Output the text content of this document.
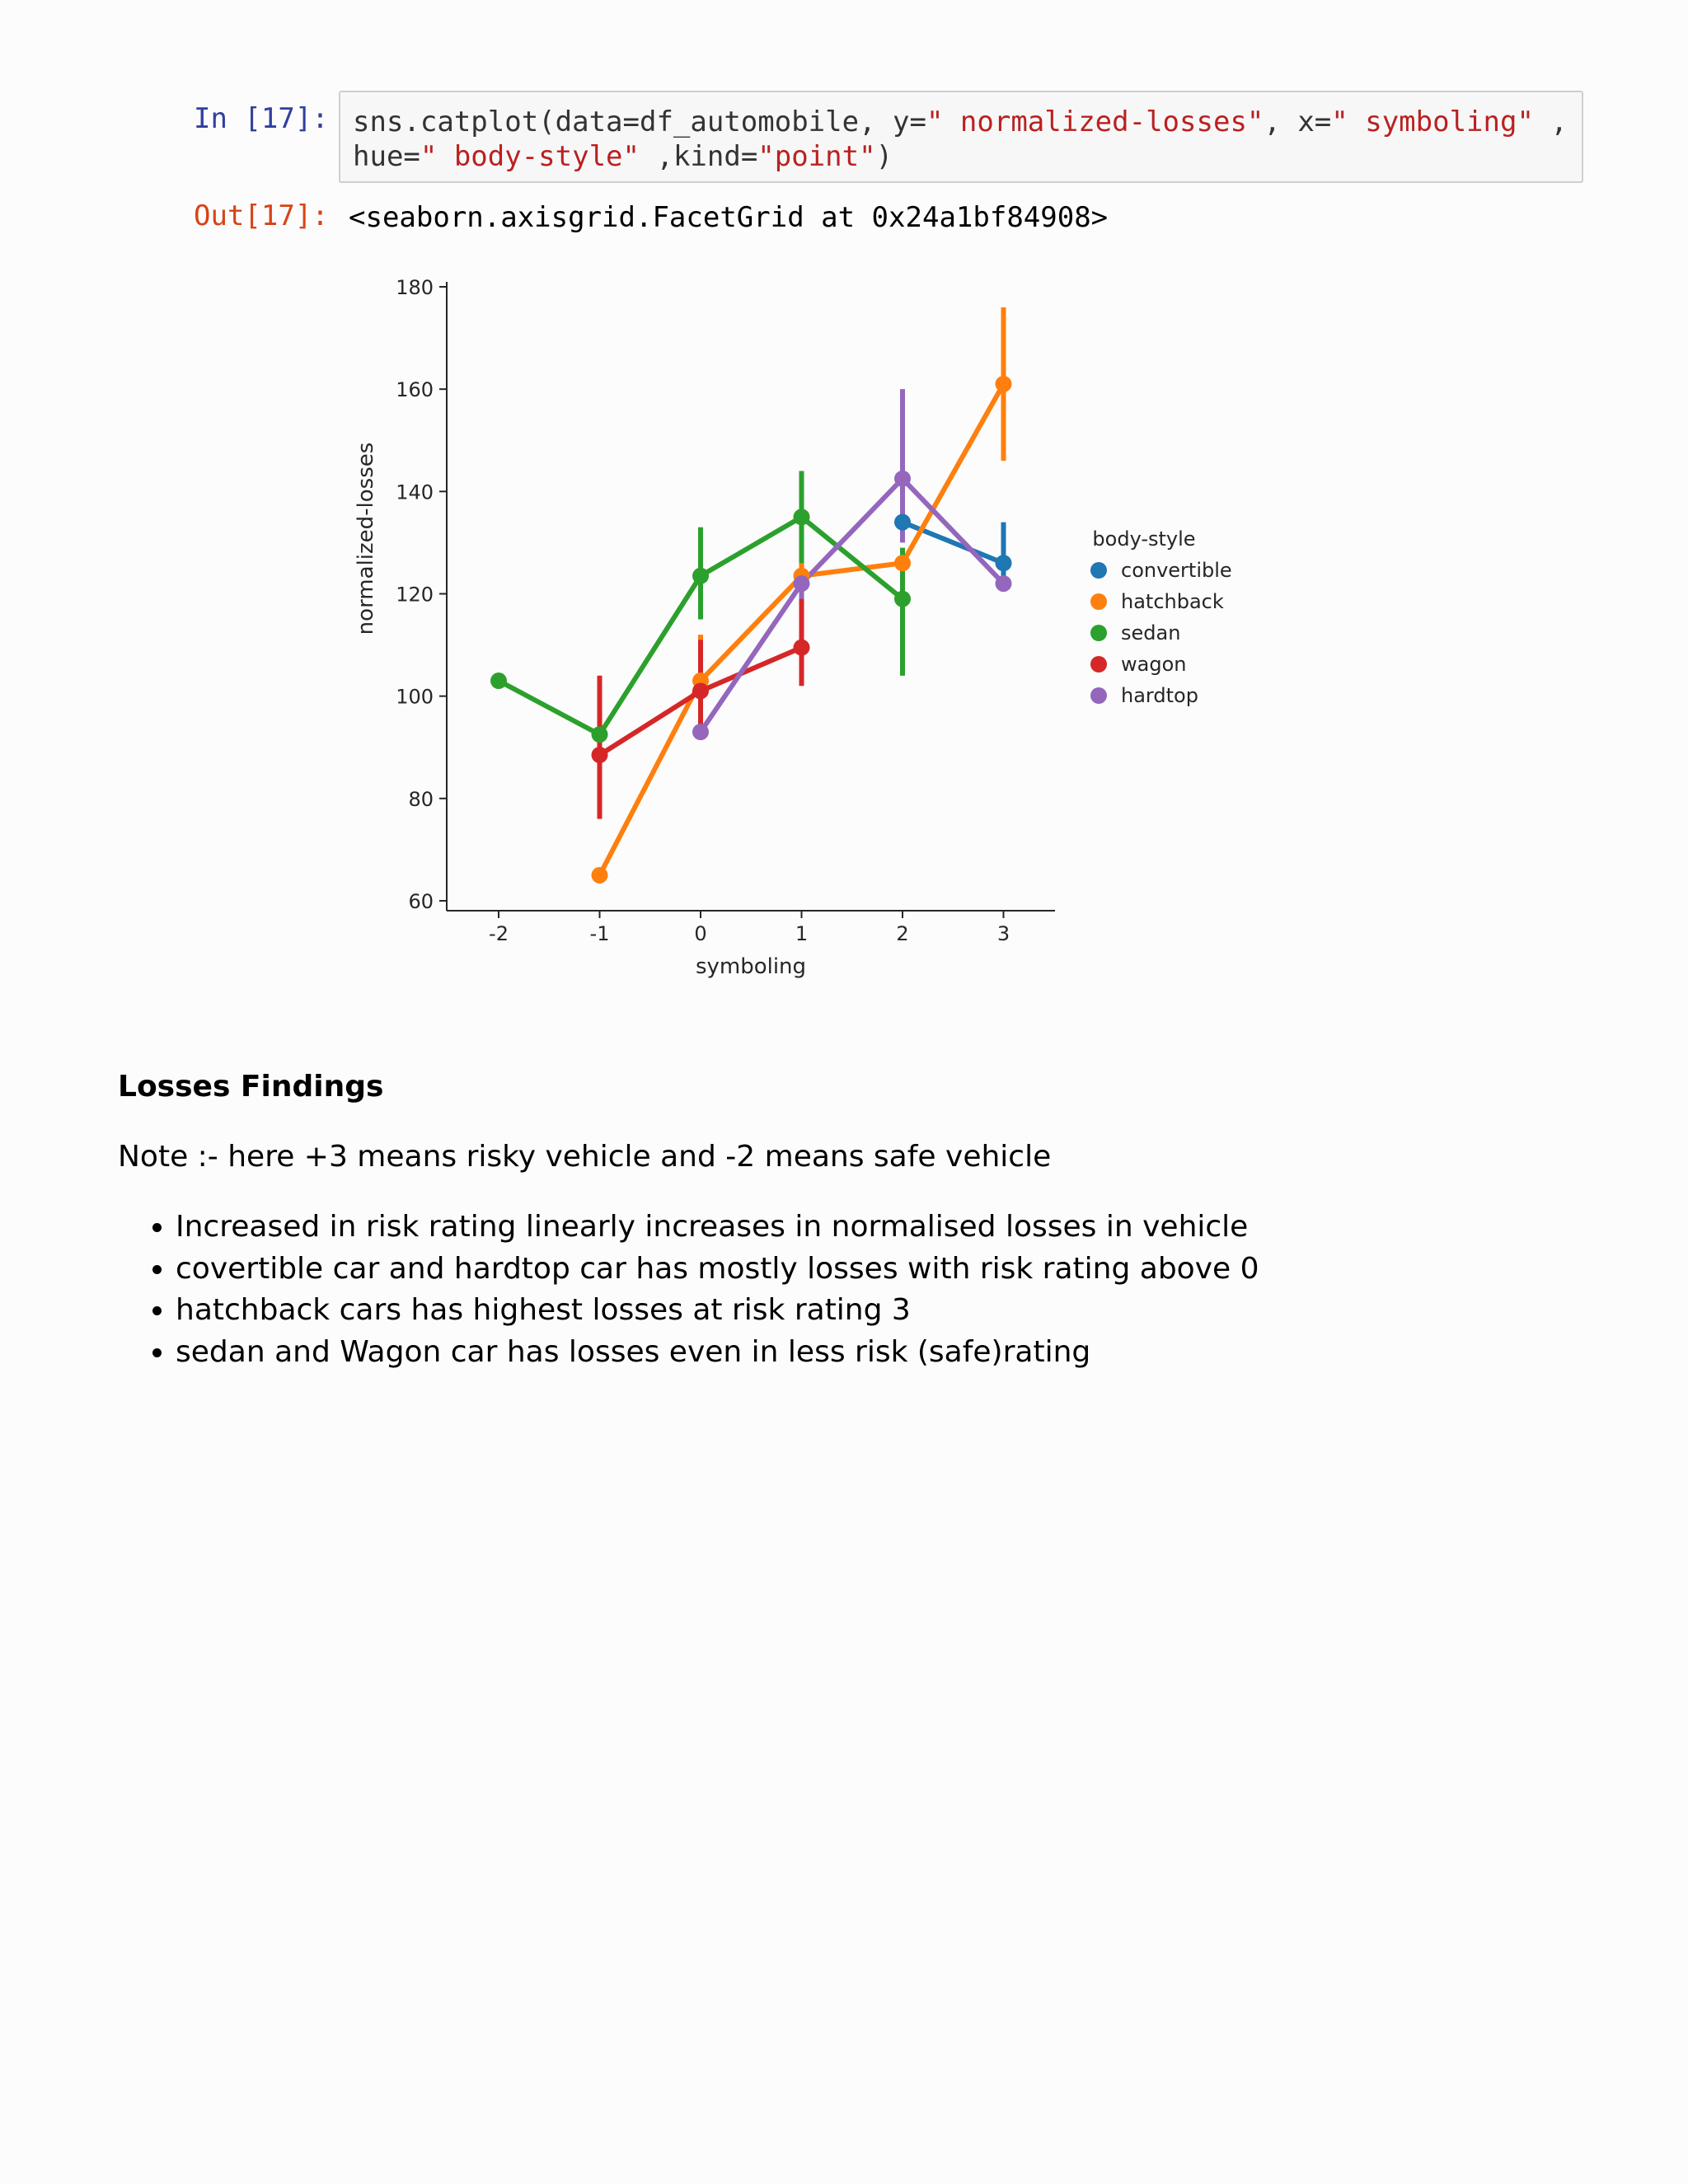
In [17]: sns.catplot(data=df_automobile, y=" normalized-losses", x=" symboling" ,
hue=" body-style" ,kind="point")
Out[17]: <seaborn.axisgrid.FacetGrid at 0x24a1bf84908>
60
80
100
120
140
160
180
-2	-1	0	1	2	3
symboling
normalized-losses	body-style
convertible
hatchback
sedan
wagon
hardtop
Losses Findings
Note :- here +3 means risky vehicle and -2 means safe vehicle
• Increased in risk rating linearly increases in normalised losses in vehicle
• covertible car and hardtop car has mostly losses with risk rating above 0
• hatchback cars has highest losses at risk rating 3
• sedan and Wagon car has losses even in less risk (safe)rating
